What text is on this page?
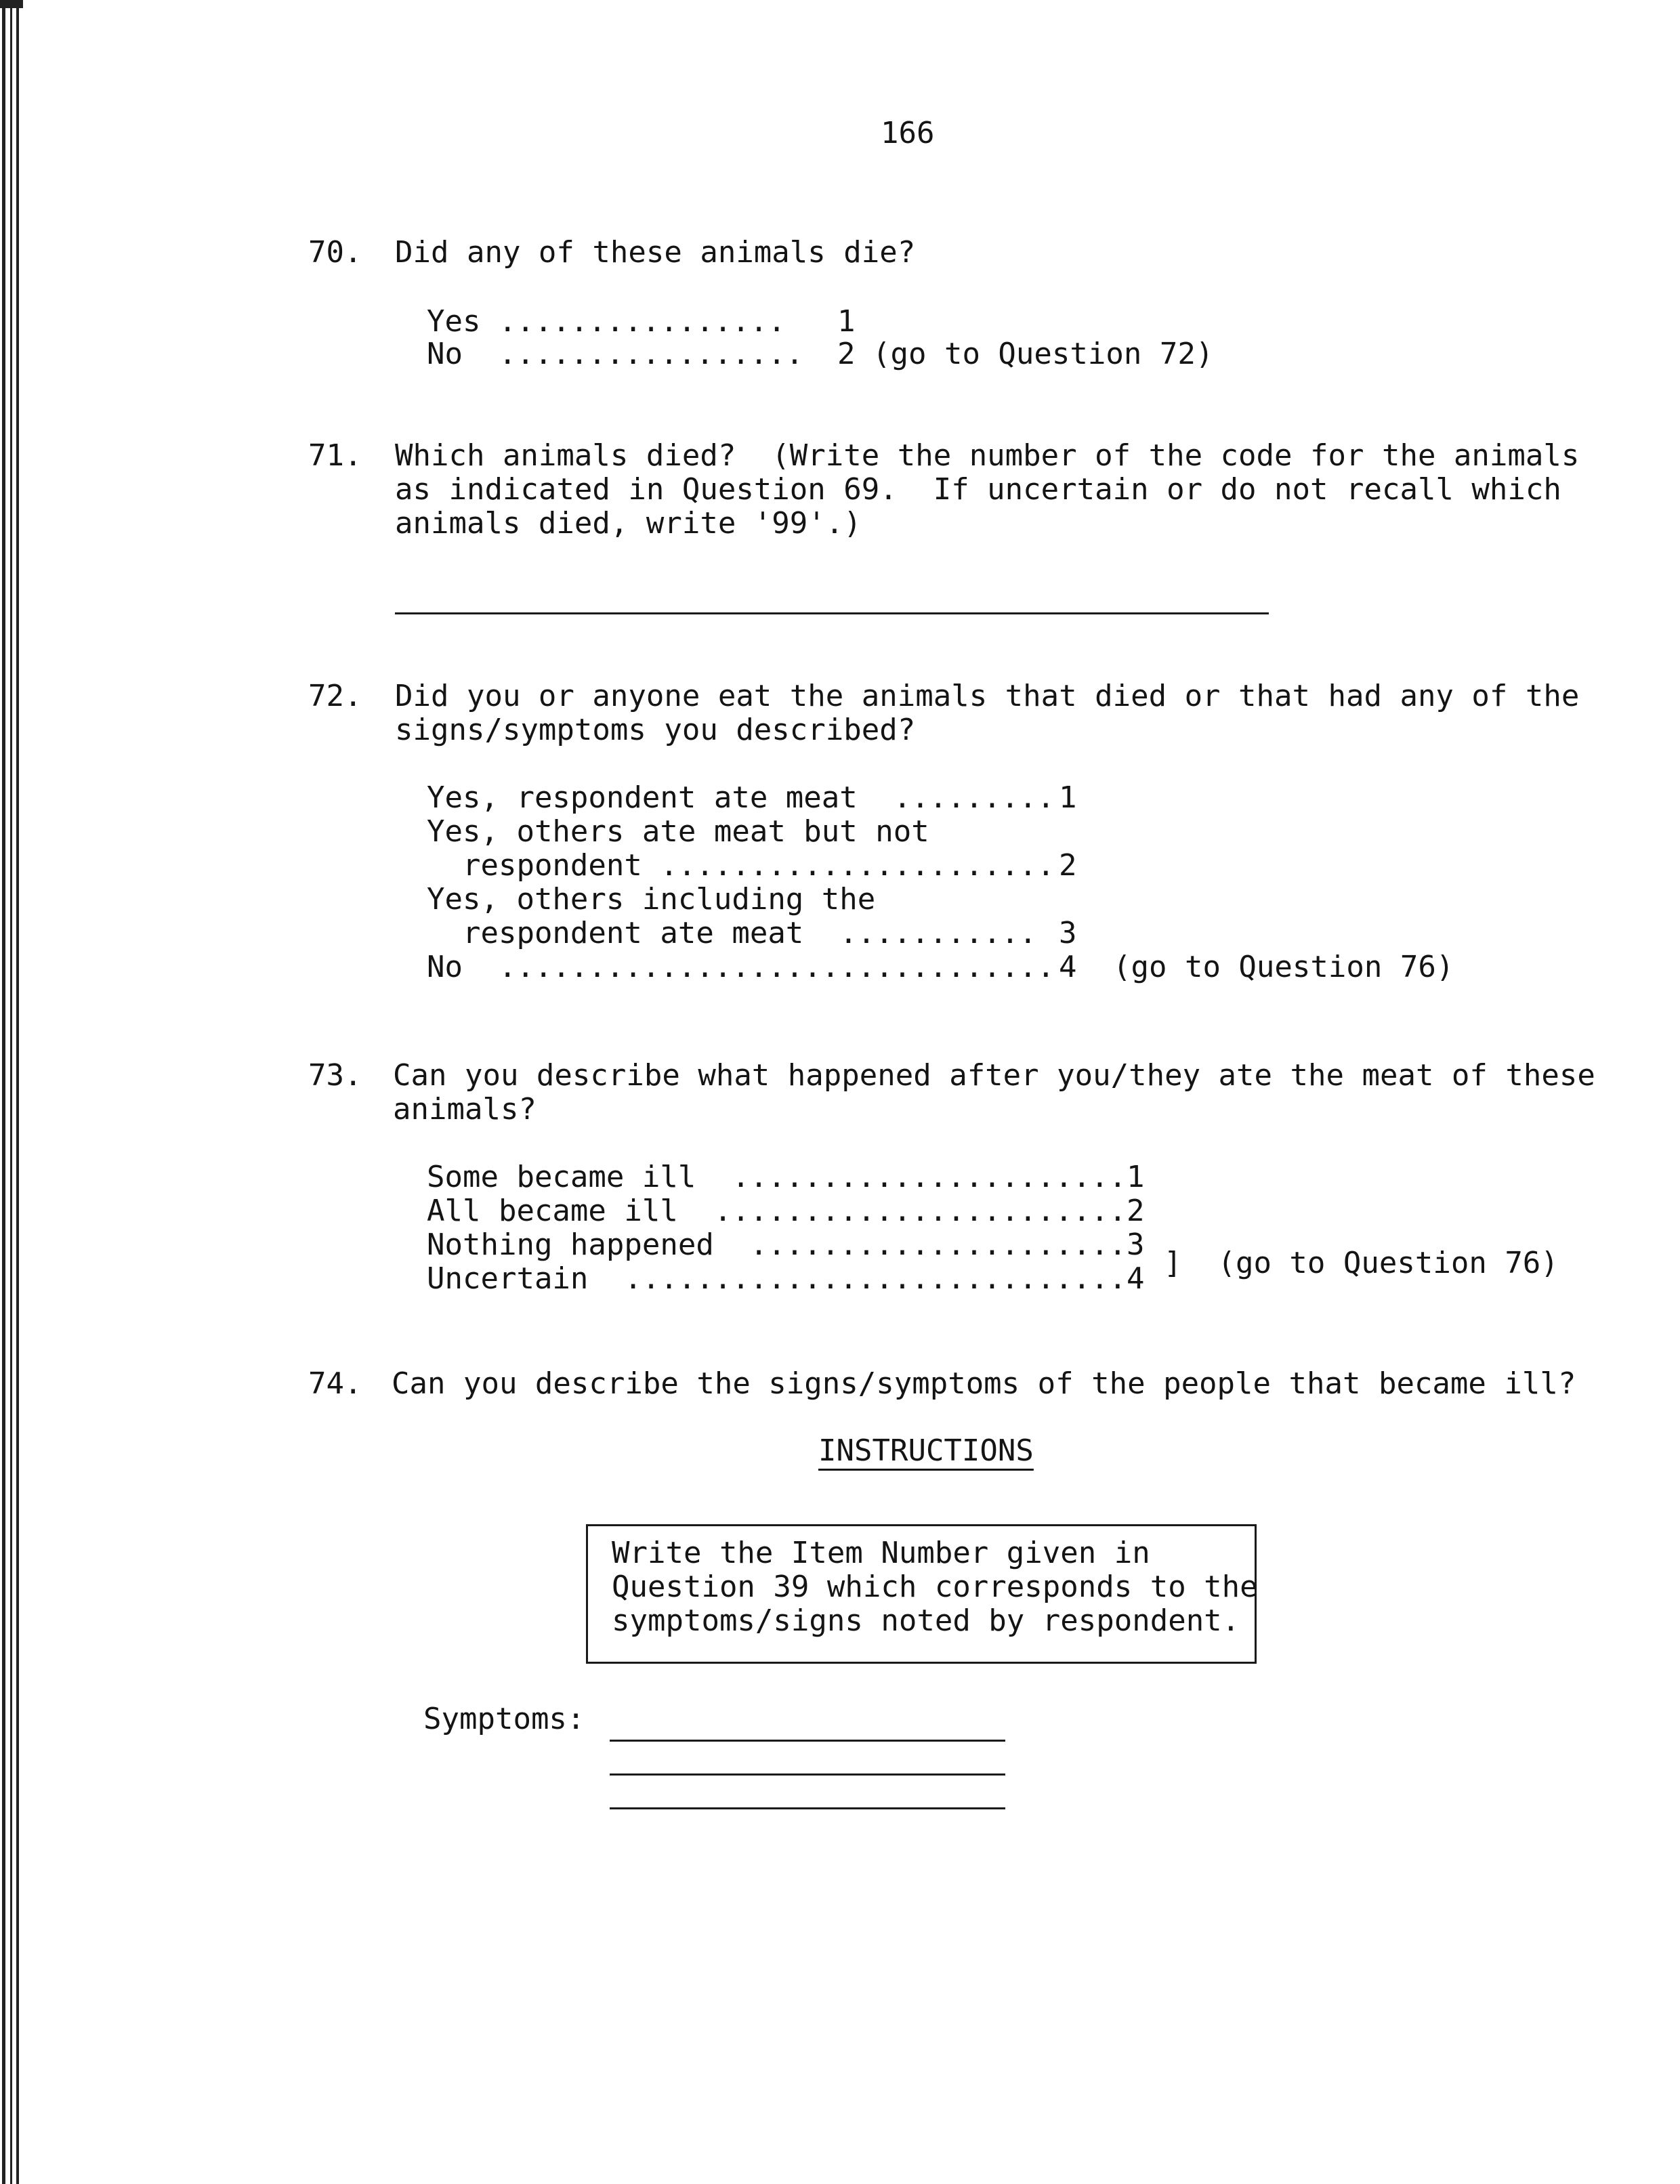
166
70. Did any of these animals die?
Yes ................ 1
No  ................. 2 (go to Question 72)
71. Which animals died?  (Write the number of the code for the animals
as indicated in Question 69.  If uncertain or do not recall which
animals died, write '99'.)
72. Did you or anyone eat the animals that died or that had any of the
signs/symptoms you described?
Yes, respondent ate meat  ......... 1
Yes, others ate meat but not
respondent ...................... 2
Yes, others including the
respondent ate meat  ........... 3
No  ............................... 4 (go to Question 76)
73. Can you describe what happened after you/they ate the meat of these
animals?
Some became ill  ...................... 1
All became ill  ....................... 2
Nothing happened  ..................... 3
Uncertain  ............................ 4 ]  (go to Question 76)
74. Can you describe the signs/symptoms of the people that became ill?
INSTRUCTIONS
Write the Item Number given in
Question 39 which corresponds to the
symptoms/signs noted by respondent.
Symptoms:
